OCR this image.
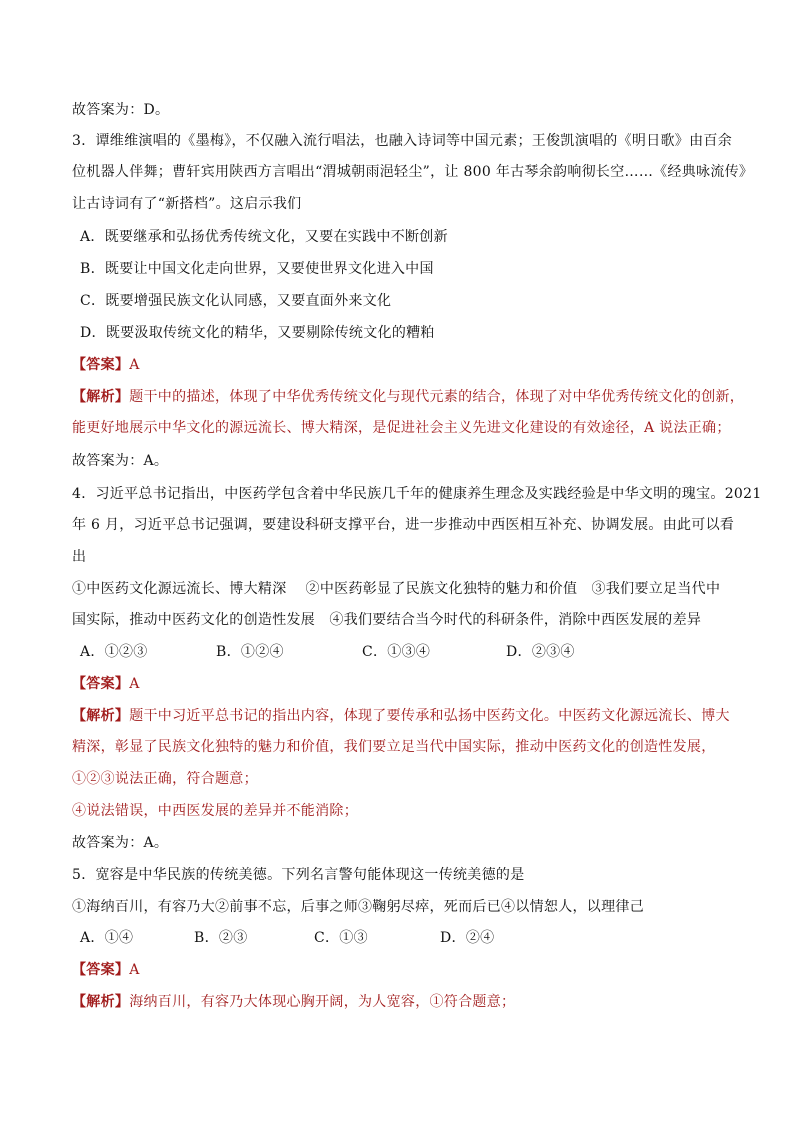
故答案为：D。
3．谭维维演唱的《墨梅》，不仅融入流行唱法，也融入诗词等中国元素；王俊凯演唱的《明日歌》由百余
位机器人伴舞；曹轩宾用陕西方言唱出“渭城朝雨浥轻尘”，让 800 年古琴余韵响彻长空……《经典咏流传》
让古诗词有了“新搭档”。这启示我们
A．既要继承和弘扬优秀传统文化，又要在实践中不断创新
B．既要让中国文化走向世界，又要使世界文化进入中国
C．既要增强民族文化认同感，又要直面外来文化
D．既要汲取传统文化的精华，又要剔除传统文化的糟粕
【答案】A
【解析】题干中的描述，体现了中华优秀传统文化与现代元素的结合，体现了对中华优秀传统文化的创新，
能更好地展示中华文化的源远流长、博大精深，是促进社会主义先进文化建设的有效途径，A 说法正确；
故答案为：A。
4．习近平总书记指出，中医药学包含着中华民族几千年的健康养生理念及实践经验是中华文明的瑰宝。2021
年 6 月，习近平总书记强调，要建设科研支撑平台，进一步推动中西医相互补充、协调发展。由此可以看
出
①中医药文化源远流长、博大精深　 ②中医药彰显了民族文化独特的魅力和价值　③我们要立足当代中
国实际，推动中医药文化的创造性发展　④我们要结合当今时代的科研条件，消除中西医发展的差异
A．①②③	B．①②④	C．①③④	D．②③④
【答案】A
【解析】题干中习近平总书记的指出内容，体现了要传承和弘扬中医药文化。中医药文化源远流长、博大
精深，彰显了民族文化独特的魅力和价值，我们要立足当代中国实际，推动中医药文化的创造性发展，
①②③说法正确，符合题意；
④说法错误，中西医发展的差异并不能消除；
故答案为：A。
5．宽容是中华民族的传统美德。下列名言警句能体现这一传统美德的是
①海纳百川，有容乃大②前事不忘，后事之师③鞠躬尽瘁，死而后已④以情恕人，以理律己
A．①④	B．②③	C．①③	D．②④
【答案】A
【解析】海纳百川，有容乃大体现心胸开阔，为人宽容，①符合题意；
